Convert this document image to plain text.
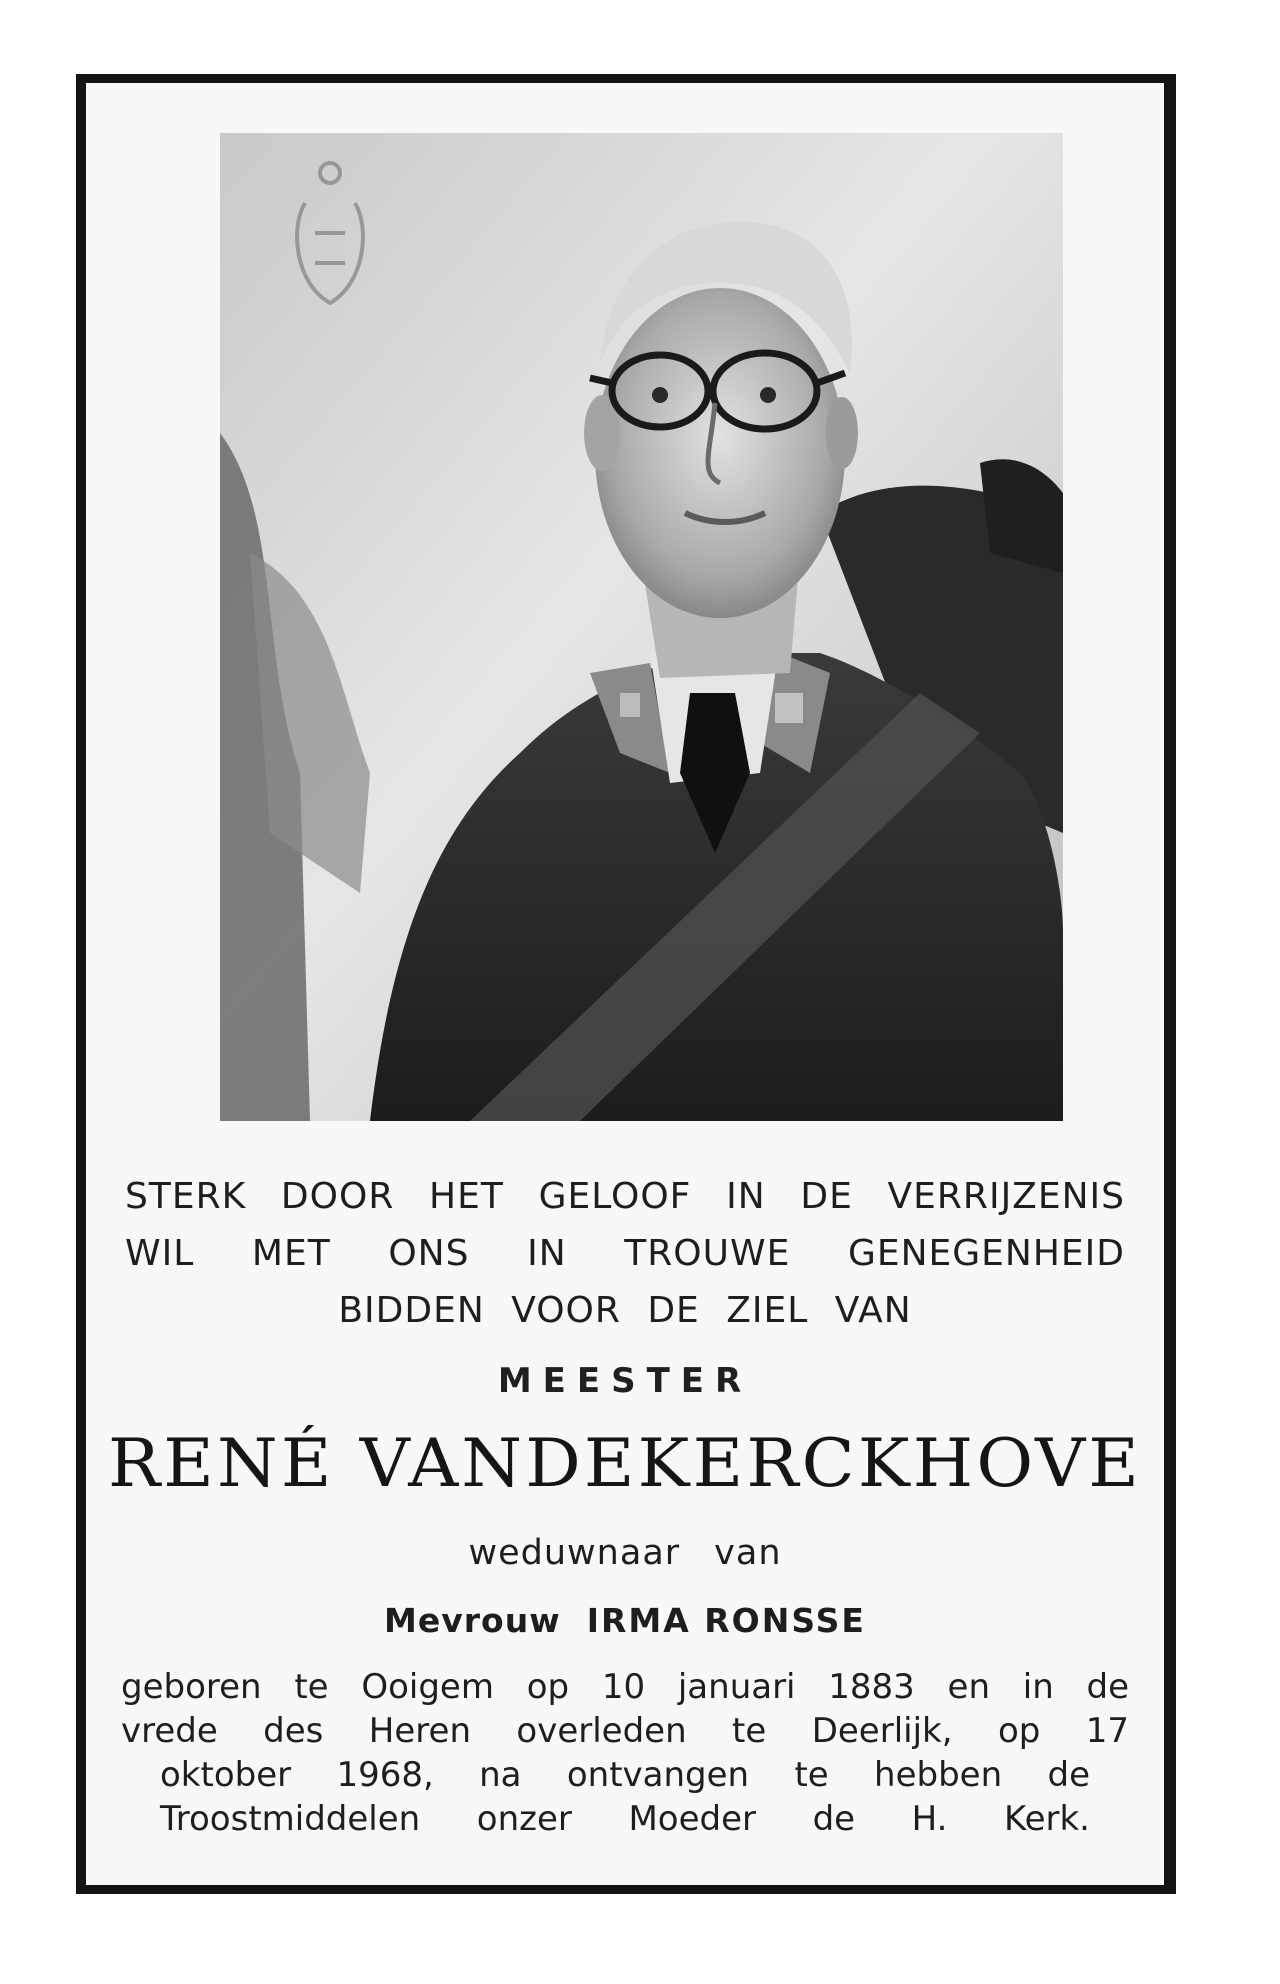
STERK DOOR HET GELOOF IN DE VERRIJZENIS
WIL MET ONS IN TROUWE GENEGENHEID
BIDDEN VOOR DE ZIEL VAN
MEESTER
RENÉ VANDEKERCKHOVE
weduwnaar van
Mevrouw IRMA RONSSE
geboren te Ooigem op 10 januari 1883 en in de
vrede des Heren overleden te Deerlijk, op 17
oktober 1968, na ontvangen te hebben de
Troostmiddelen onzer Moeder de H. Kerk.
